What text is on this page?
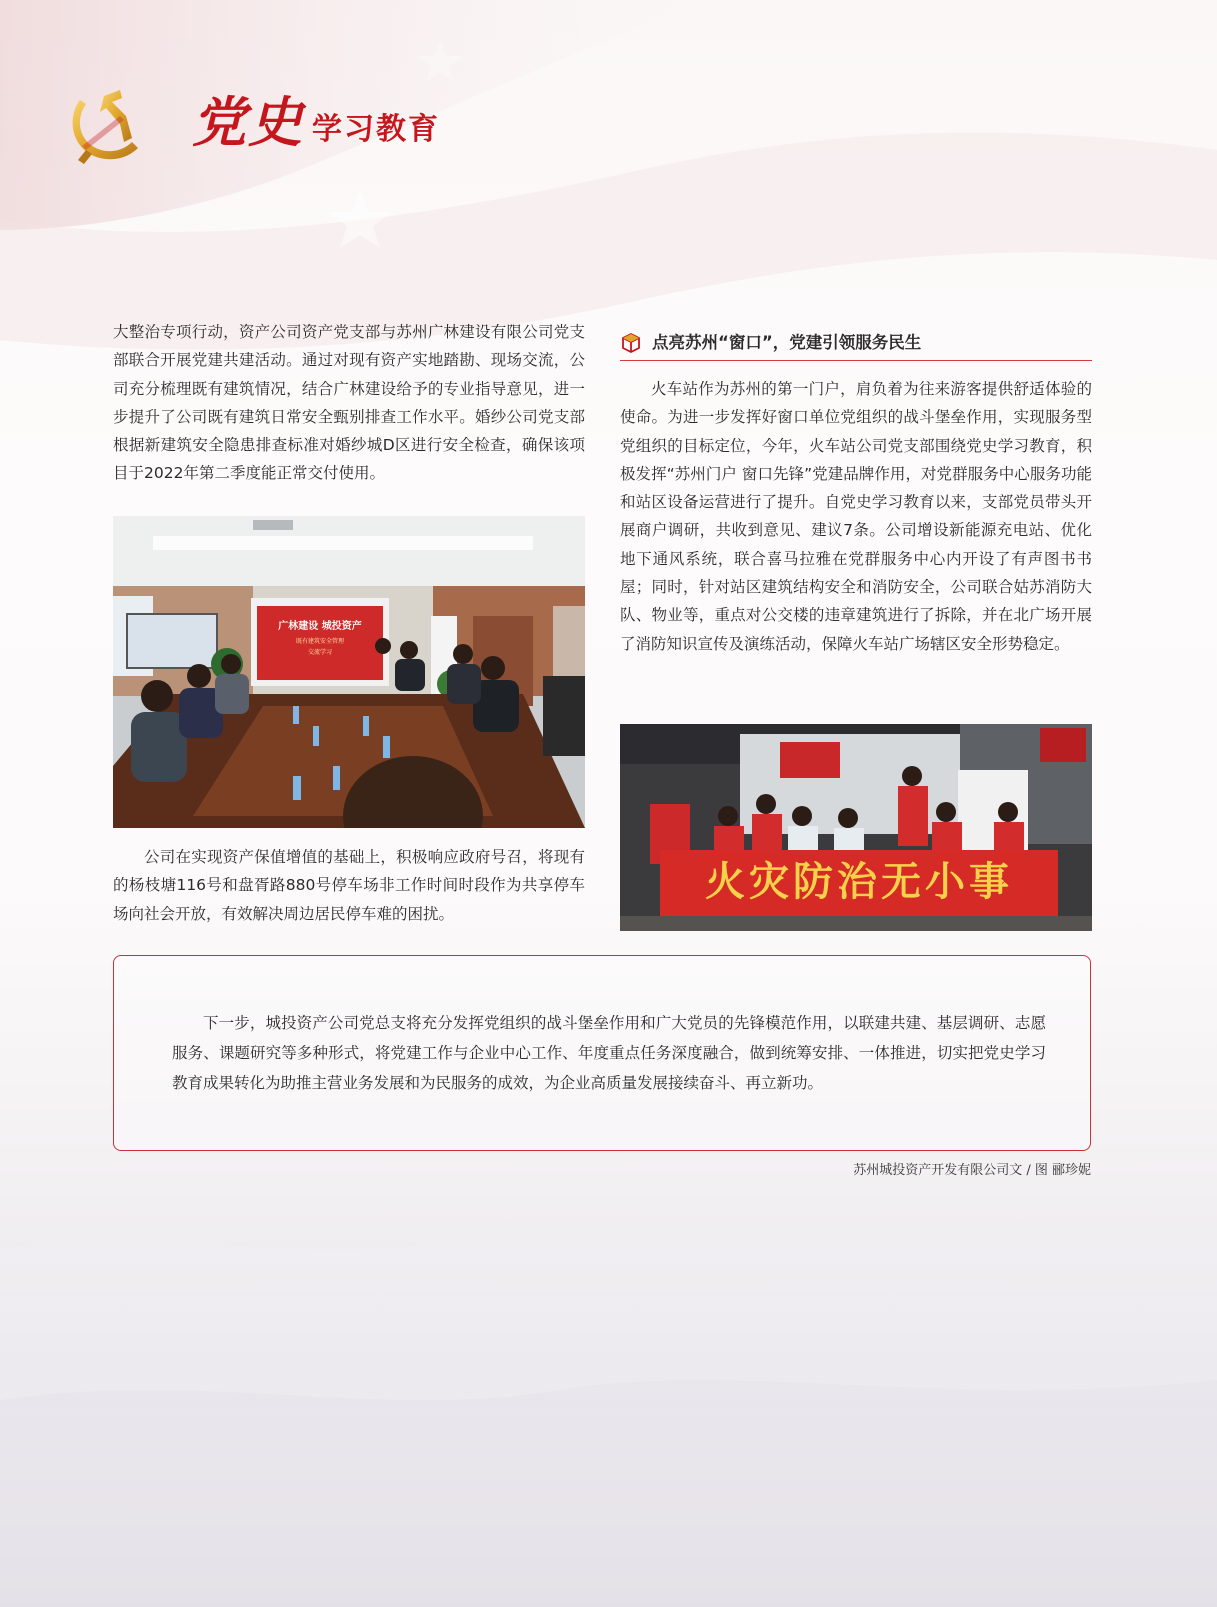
党史 学习教育

大整治专项行动，资产公司资产党支部与苏州广林建设有限公司党支部联合开展党建共建活动。通过对现有资产实地踏勘、现场交流，公司充分梳理既有建筑情况，结合广林建设给予的专业指导意见，进一步提升了公司既有建筑日常安全甄别排查工作水平。婚纱公司党支部根据新建筑安全隐患排查标准对婚纱城D区进行安全检查，确保该项目于2022年第二季度能正常交付使用。

广林建设 城投资产
既有建筑安全管理
交流学习

公司在实现资产保值增值的基础上，积极响应政府号召，将现有的杨枝塘116号和盘胥路880号停车场非工作时间时段作为共享停车场向社会开放，有效解决周边居民停车难的困扰。

点亮苏州“窗口”，党建引领服务民生

火车站作为苏州的第一门户，肩负着为往来游客提供舒适体验的使命。为进一步发挥好窗口单位党组织的战斗堡垒作用，实现服务型党组织的目标定位，今年，火车站公司党支部围绕党史学习教育，积极发挥“苏州门户 窗口先锋”党建品牌作用，对党群服务中心服务功能和站区设备运营进行了提升。自党史学习教育以来，支部党员带头开展商户调研，共收到意见、建议7条。公司增设新能源充电站、优化地下通风系统，联合喜马拉雅在党群服务中心内开设了有声图书书屋；同时，针对站区建筑结构安全和消防安全，公司联合姑苏消防大队、物业等，重点对公交楼的违章建筑进行了拆除，并在北广场开展了消防知识宣传及演练活动，保障火车站广场辖区安全形势稳定。

火灾防治无小事

下一步，城投资产公司党总支将充分发挥党组织的战斗堡垒作用和广大党员的先锋模范作用，以联建共建、基层调研、志愿服务、课题研究等多种形式，将党建工作与企业中心工作、年度重点任务深度融合，做到统筹安排、一体推进，切实把党史学习教育成果转化为助推主营业务发展和为民服务的成效，为企业高质量发展接续奋斗、再立新功。

苏州城投资产开发有限公司文 / 图 郦珍妮
